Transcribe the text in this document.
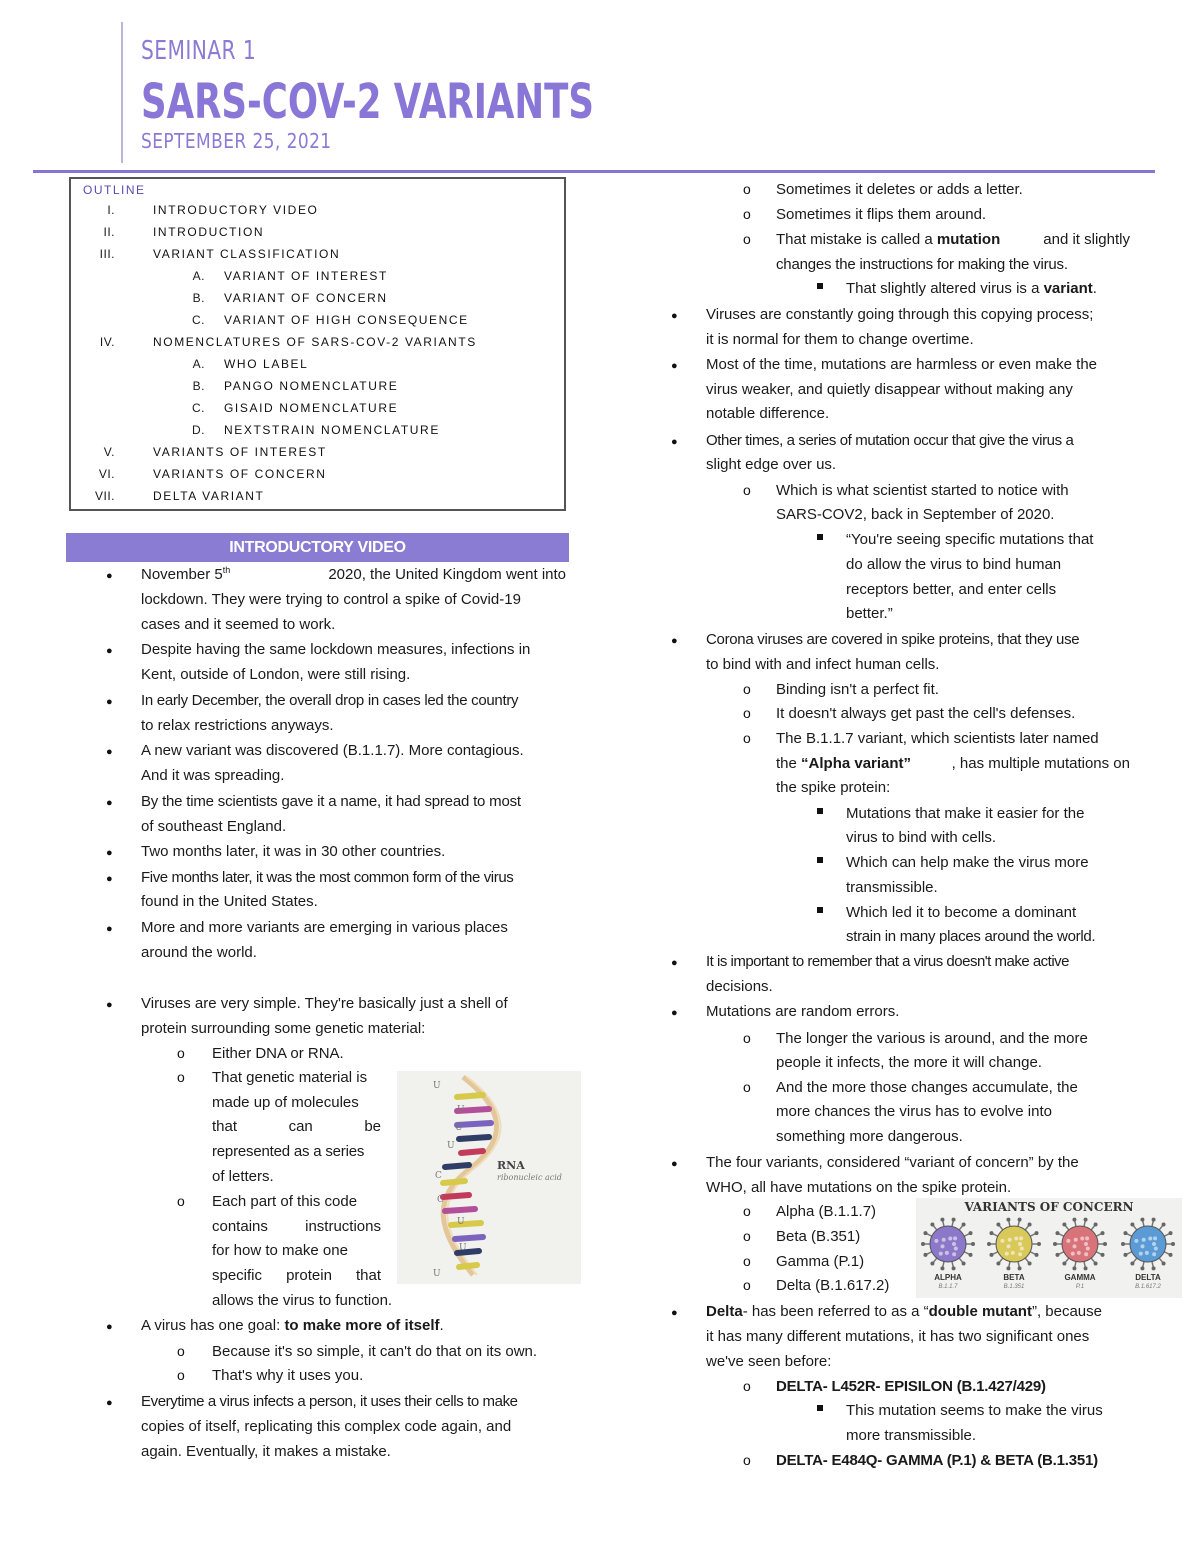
SEMINAR 1
SARS-COV-2 VARIANTS
SEPTEMBER 25, 2021
OUTLINE
I.	INTRODUCTORY VIDEO
II.	INTRODUCTION
III.	VARIANT CLASSIFICATION
A. VARIANT OF INTEREST
B. VARIANT OF CONCERN
C. VARIANT OF HIGH CONSEQUENCE
IV.	NOMENCLATURES OF SARS-COV-2 VARIANTS
A. WHO LABEL
B. PANGO NOMENCLATURE
C. GISAID NOMENCLATURE
D. NEXTSTRAIN NOMENCLATURE
V.	VARIANTS OF INTEREST
VI.	VARIANTS OF CONCERN
VII.	DELTA VARIANT
INTRODUCTORY VIDEO
● November 5th	2020, the United Kingdom went into
lockdown. They were trying to control a spike of Covid-19
cases and it seemed to work.
● Despite having the same lockdown measures, infections in
Kent, outside of London, were still rising.
● In early December, the overall drop in cases led the country
to relax restrictions anyways.
● A new variant was discovered (B.1.1.7). More contagious.
And it was spreading.
● By the time scientists gave it a name, it had spread to most
of southeast England.
● Two months later, it was in 30 other countries.
● Five months later, it was the most common form of the virus
found in the United States.
● More and more variants are emerging in various places
around the world.
● Viruses are very simple. They're basically just a shell of
protein surrounding some genetic material:
o Either DNA or RNA.
o That genetic material is
made up of molecules
that	can	be
represented as a series
of letters.
o Each part of this code
contains instructions
for how to make one
specific protein that
allows the virus to function.
● A virus has one goal: to make more of itself.
o Because it's so simple, it can't do that on its own.
o That's why it uses you.
● Everytime a virus infects a person, it uses their cells to make
copies of itself, replicating this complex code again, and
again. Eventually, it makes a mistake.
U
U
U
U
C
C
U
U
U
RNA
ribonucleic acid
o Sometimes it deletes or adds a letter.
o Sometimes it flips them around.
o That mistake is called a mutation	and it slightly
changes the instructions for making the virus.
That slightly altered virus is a variant.
● Viruses are constantly going through this copying process;
it is normal for them to change overtime.
● Most of the time, mutations are harmless or even make the
virus weaker, and quietly disappear without making any
notable difference.
● Other times, a series of mutation occur that give the virus a
slight edge over us.
o Which is what scientist started to notice with
SARS-COV2, back in September of 2020.
“You're seeing specific mutations that
do allow the virus to bind human
receptors better, and enter cells
better.”
● Corona viruses are covered in spike proteins, that they use
to bind with and infect human cells.
o Binding isn't a perfect fit.
o It doesn't always get past the cell's defenses.
o The B.1.1.7 variant, which scientists later named
the “Alpha variant”	, has multiple mutations on
the spike protein:
Mutations that make it easier for the
virus to bind with cells.
Which can help make the virus more
transmissible.
Which led it to become a dominant
strain in many places around the world.
● It is important to remember that a virus doesn't make active
decisions.
● Mutations are random errors.
o The longer the various is around, and the more
people it infects, the more it will change.
o And the more those changes accumulate, the
more chances the virus has to evolve into
something more dangerous.
● The four variants, considered “variant of concern” by the
WHO, all have mutations on the spike protein.
o Alpha (B.1.1.7)
o Beta (B.351)
o Gamma (P.1)
o Delta (B.1.617.2)
● Delta- has been referred to as a “double mutant”, because
it has many different mutations, it has two significant ones
we've seen before:
o DELTA- L452R- EPISILON (B.1.427/429)
This mutation seems to make the virus
more transmissible.
o DELTA- E484Q- GAMMA (P.1) & BETA (B.1.351)
VARIANTS OF CONCERN
ALPHA
B.1.1.7
BETA
B.1.351
GAMMA
P.1
DELTA
B.1.617.2
